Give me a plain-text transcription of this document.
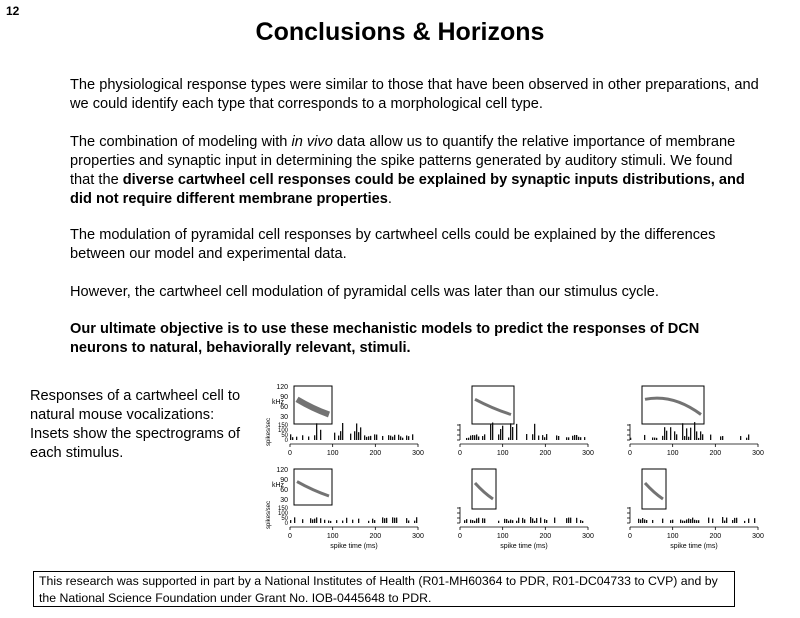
12
Conclusions & Horizons
The physiological response types were similar to those that have been observed in other preparations, and we could identify each type that corresponds to a morphological cell type.
The combination of modeling with in vivo data allow us to quantify the relative importance of membrane properties and synaptic input in determining the spike patterns generated by auditory stimuli. We found that the diverse cartwheel cell responses could be explained by synaptic inputs distributions, and did not require different membrane properties.
The modulation of pyramidal cell responses by cartwheel cells could be explained by the differences between our model and experimental data.
However, the cartwheel cell modulation of pyramidal cells was later than our stimulus cycle.
Our ultimate objective is to use these mechanistic models to predict the responses of DCN neurons to natural, behaviorally relevant, stimuli.
Responses of a cartwheel cell to natural mouse vocalizations: Insets show the spectrograms of each stimulus.
120
90
60
30
kHz
150
100
50
0
spikes/sec
0	100	200	300	0	100	200	300	0	100	200	300
120
90
60
30
kHz
150
100
50
0
spikes/sec
0	100	200	300
spike time (ms)
0	100	200	300
spike time (ms)
0	100	200	300
spike time (ms)
This research was supported in part by a National Institutes of Health (R01-MH60364 to PDR, R01-DC04733 to CVP) and by the National Science Foundation under Grant No. IOB-0445648 to PDR.
